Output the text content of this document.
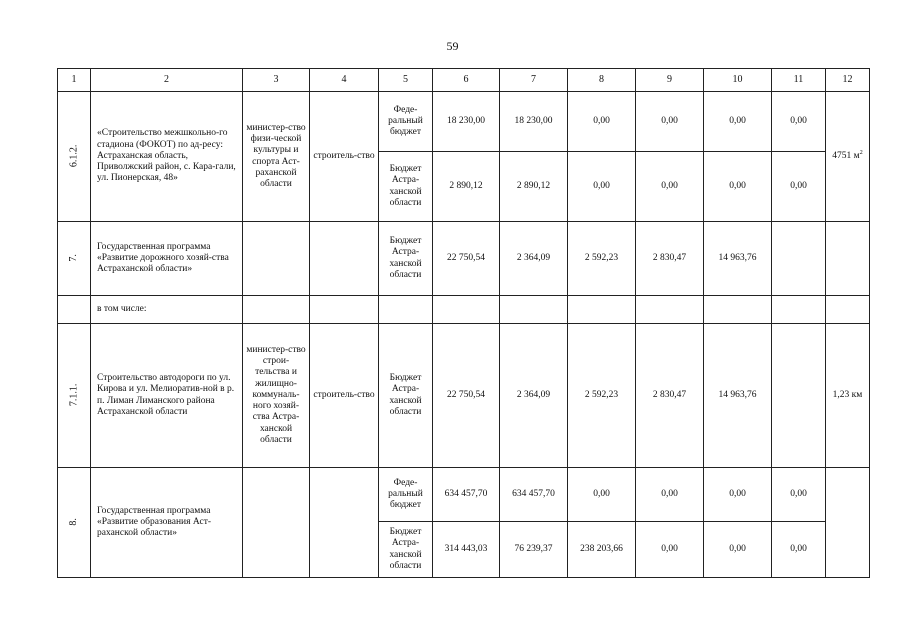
59
1	2	3	4	5	6	7	8	9	10	11	12
6.1.2.	«Строительство межшкольно-го стадиона (ФОКОТ) по ад-ресу: Астраханская область, Приволжский район, с. Кара-гали, ул. Пионерская, 48»	министер-ство физи-ческой культуры и спорта Аст-раханской области	строитель-ство	Феде-ральный бюджет	18 230,00	18 230,00	0,00	0,00	0,00	0,00	4751 $м^2$
				Бюджет Астра-ханской области	2 890,12	2 890,12	0,00	0,00	0,00	0,00	
7.	Государственная программа «Развитие дорожного хозяй-ства Астраханской области»			Бюджет Астра-ханской области	22 750,54	2 364,09	2 592,23	2 830,47	14 963,76		
	в том числе:										
7.1.1.	Строительство автодороги по ул. Кирова и ул. Мелиоратив-ной в р. п. Лиман Лиманского района Астраханской области	министер-ство строи-тельства и жилищно-коммуналь-ного хозяй-ства Астра-ханской области	строитель-ство	Бюджет Астра-ханской области	22 750,54	2 364,09	2 592,23	2 830,47	14 963,76		1,23 км
8.	Государственная программа «Развитие образования Аст-раханской области»			Феде-ральный бюджет	634 457,70	634 457,70	0,00	0,00	0,00	0,00	
				Бюджет Астра-ханской области	314 443,03	76 239,37	238 203,66	0,00	0,00	0,00	
